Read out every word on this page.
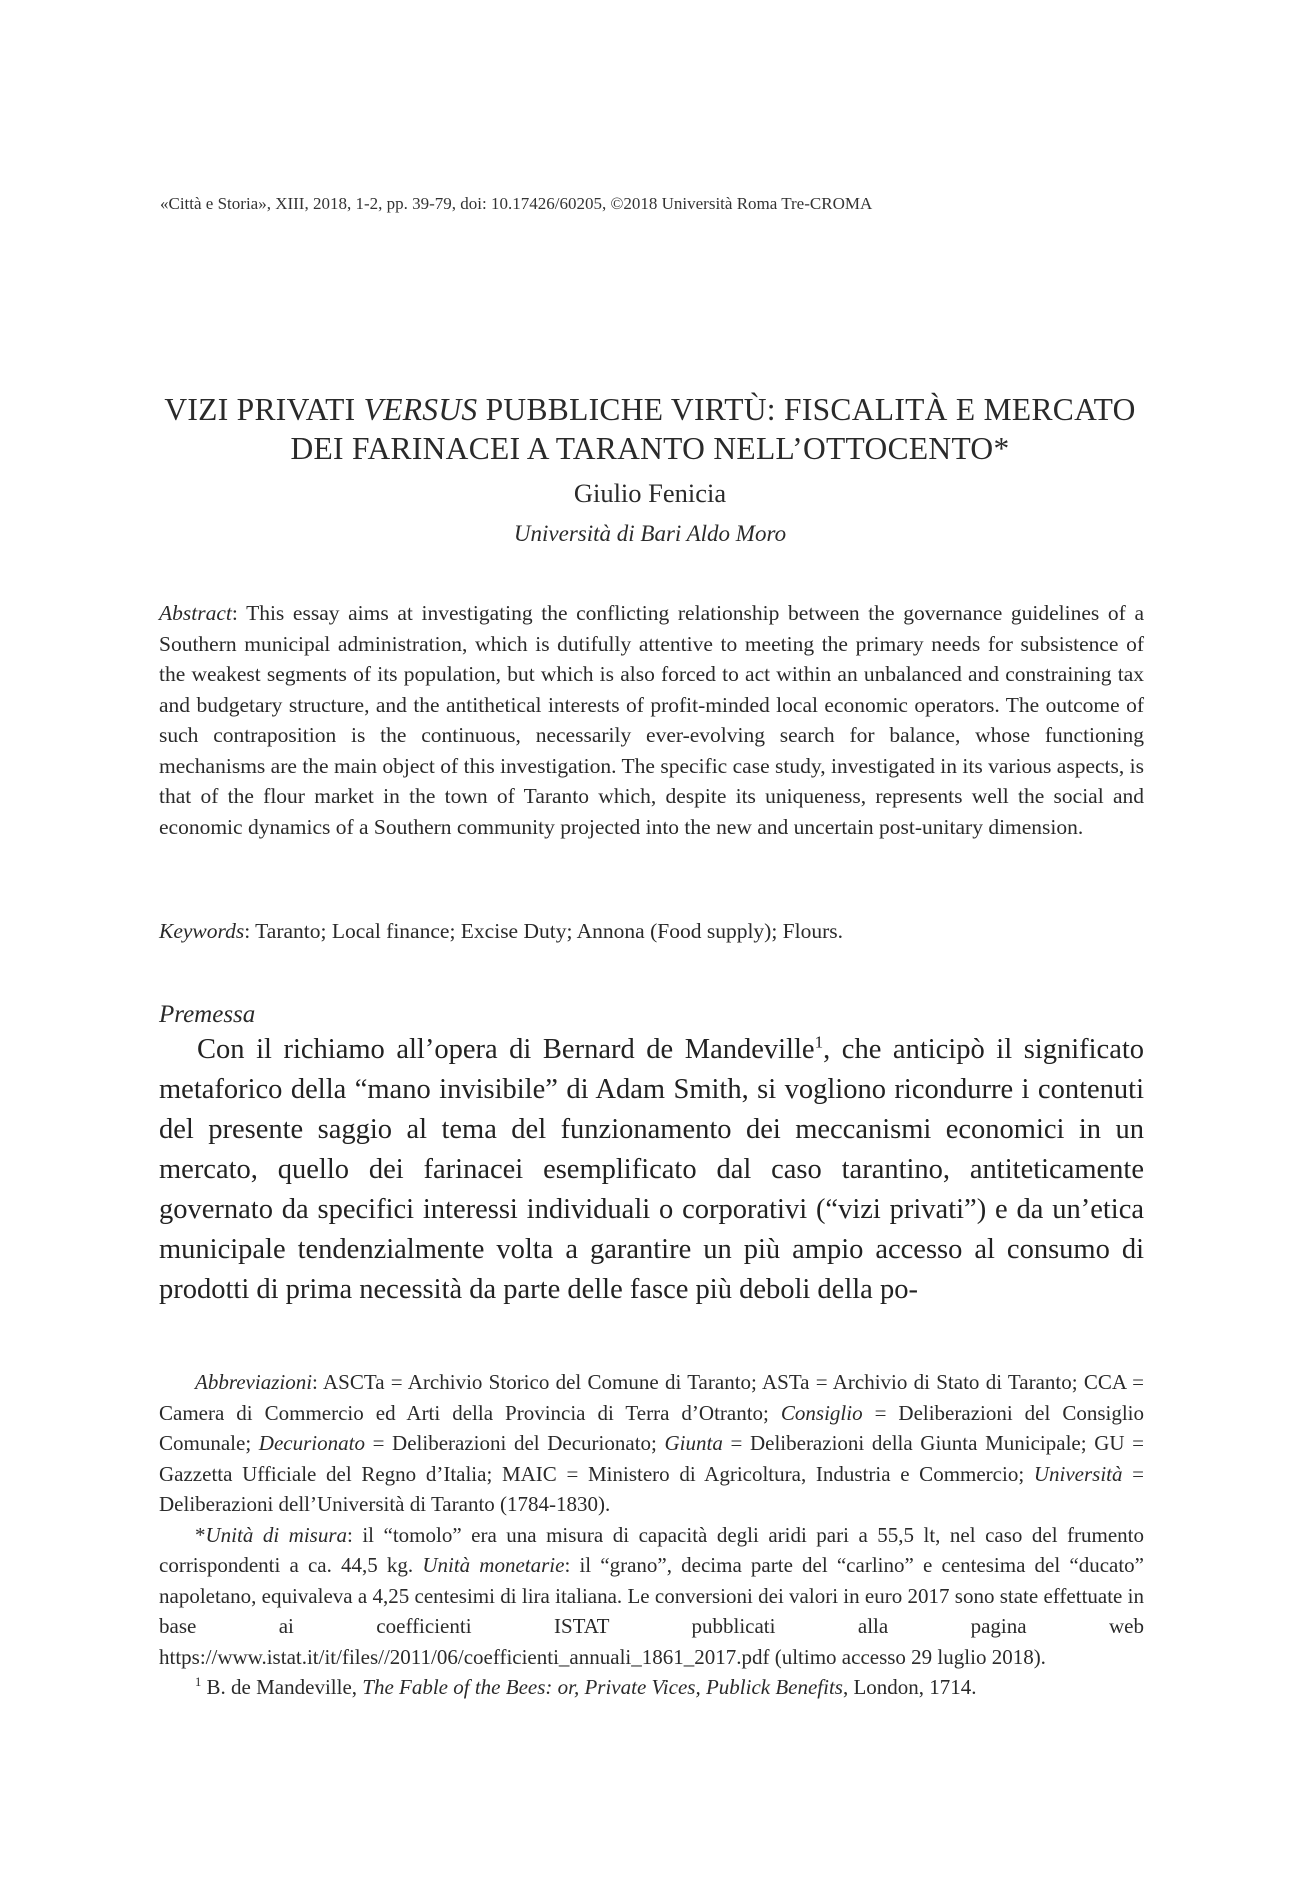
«Città e Storia», XIII, 2018, 1-2, pp. 39-79, doi: 10.17426/60205, ©2018 Università Roma Tre-CROMA
VIZI PRIVATI VERSUS PUBBLICHE VIRTÙ: FISCALITÀ E MERCATO
DEI FARINACEI A TARANTO NELL’OTTOCENTO*
Giulio Fenicia
Università di Bari Aldo Moro

Abstract: This essay aims at investigating the conflicting relationship between the governance guidelines of a Southern municipal administration, which is dutifully attentive to meeting the primary needs for subsistence of the weakest segments of its population, but which is also forced to act within an unbalanced and constraining tax and budgetary structure, and the antithetical interests of profit-minded local economic operators. The outcome of such contraposition is the continuous, necessarily ever-evolving search for balance, whose functioning mechanisms are the main object of this investigation. The specific case study, investigated in its various aspects, is that of the flour market in the town of Taranto which, despite its uniqueness, represents well the social and economic dynamics of a Southern community projected into the new and uncertain post-unitary dimension.

Keywords: Taranto; Local finance; Excise Duty; Annona (Food supply); Flours.
Premessa

Con il richiamo all’opera di Bernard de Mandeville$^1$, che anticipò il significato metaforico della “mano invisibile” di Adam Smith, si vogliono ricondurre i contenuti del presente saggio al tema del funzionamento dei meccanismi economici in un mercato, quello dei farinacei esemplificato dal caso tarantino, antiteticamente governato da specifici interessi individuali o corporativi (“vizi privati”) e da un’etica municipale tendenzialmente volta a garantire un più ampio accesso al consumo di prodotti di prima necessità da parte delle fasce più deboli della po-

Abbreviazioni: ASCTa = Archivio Storico del Comune di Taranto; ASTa = Archivio di Stato di Taranto; CCA = Camera di Commercio ed Arti della Provincia di Terra d’Otranto; Consiglio = Deliberazioni del Consiglio Comunale; Decurionato = Deliberazioni del Decurionato; Giunta = Deliberazioni della Giunta Municipale; GU = Gazzetta Ufficiale del Regno d’Italia; MAIC = Ministero di Agricoltura, Industria e Commercio; Università = Deliberazioni dell’Università di Taranto (1784-1830).

*Unità di misura: il “tomolo” era una misura di capacità degli aridi pari a 55,5 lt, nel caso del frumento corrispondenti a ca. 44,5 kg. Unità monetarie: il “grano”, decima parte del “carlino” e centesima del “ducato” napoletano, equivaleva a 4,25 centesimi di lira italiana. Le conversioni dei valori in euro 2017 sono state effettuate in base ai coefficienti ISTAT pubblicati alla pagina web https://www.istat.it/it/files//2011/06/coefficienti_annuali_1861_2017.pdf (ultimo accesso 29 luglio 2018).

$^1$ B. de Mandeville, The Fable of the Bees: or, Private Vices, Publick Benefits, London, 1714.
